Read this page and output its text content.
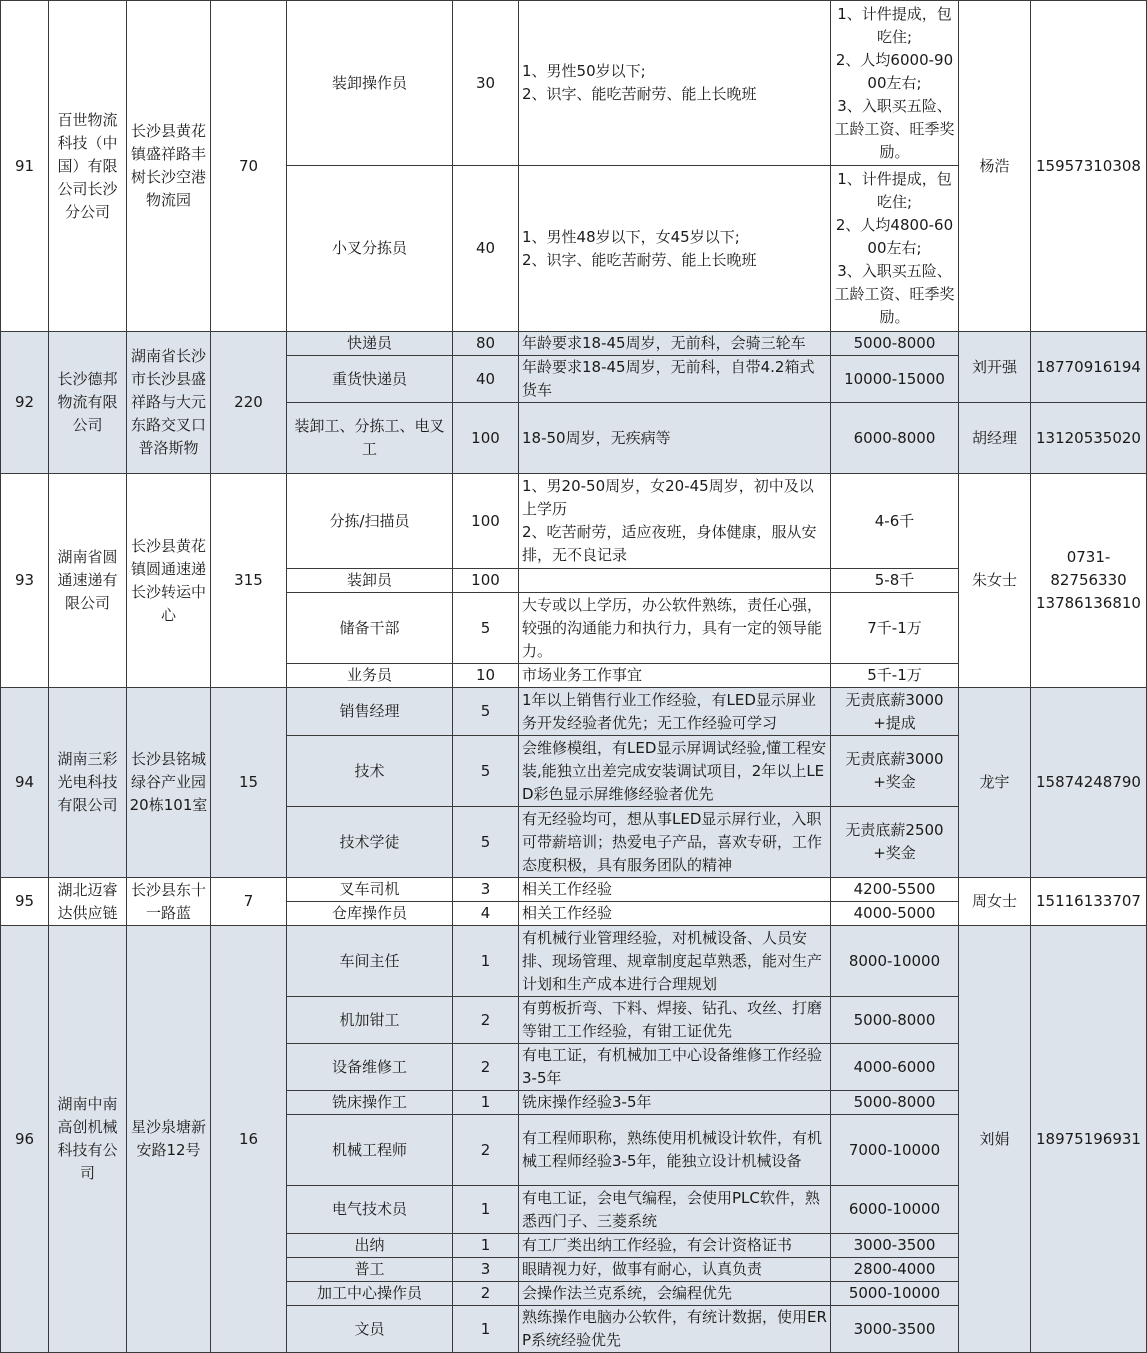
91	百世物流科技（中国）有限公司长沙分公司	长沙县黄花镇盛祥路丰树长沙空港物流园	70	装卸操作员	30	1、男性50岁以下;
2、识字、能吃苦耐劳、能上长晚班	1、计件提成，包吃住;
2、人均6000-9000左右;
3、入职买五险、工龄工资、旺季奖励。	杨浩	15957310308
				小叉分拣员	40	1、男性48岁以下，女45岁以下;
2、识字、能吃苦耐劳、能上长晚班	1、计件提成，包吃住;
2、人均4800-6000左右;
3、入职买五险、工龄工资、旺季奖励。		
92	长沙德邦物流有限公司	湖南省长沙市长沙县盛祥路与大元东路交叉口普洛斯物	220	快递员	80	年龄要求18-45周岁，无前科，会骑三轮车	5000-8000	刘开强	18770916194
				重货快递员	40	年龄要求18-45周岁，无前科，自带4.2箱式货车	10000-15000		
				装卸工、分拣工、电叉工	100	18-50周岁，无疾病等	6000-8000	胡经理	13120535020
93	湖南省圆通速递有限公司	长沙县黄花镇圆通速递长沙转运中心	315	分拣/扫描员	100	1、男20-50周岁，女20-45周岁，初中及以上学历
2、吃苦耐劳，适应夜班，身体健康，服从安排，无不良记录	4-6千	朱女士	0731-
82756330
13786136810
				装卸员	100		5-8千		
				储备干部	5	大专或以上学历，办公软件熟练，责任心强，较强的沟通能力和执行力，具有一定的领导能力。	7千-1万		
				业务员	10	市场业务工作事宜	5千-1万		
94	湖南三彩光电科技有限公司	长沙县铭城绿谷产业园20栋101室	15	销售经理	5	1年以上销售行业工作经验，有LED显示屏业务开发经验者优先；无工作经验可学习	无责底薪3000+提成	龙宇	15874248790
				技术	5	会维修模组，有LED显示屏调试经验,懂工程安装,能独立出差完成安装调试项目，2年以上LED彩色显示屏维修经验者优先	无责底薪3000+奖金		
				技术学徒	5	有无经验均可，想从事LED显示屏行业，入职可带薪培训；热爱电子产品，喜欢专研，工作态度积极，具有服务团队的精神	无责底薪2500+奖金		
95	湖北迈睿达供应链	长沙县东十一路蓝	7	叉车司机	3	相关工作经验	4200-5500	周女士	15116133707
				仓库操作员	4	相关工作经验	4000-5000		
96	湖南中南高创机械科技有公司	星沙泉塘新安路12号	16	车间主任	1	有机械行业管理经验，对机械设备、人员安排、现场管理、规章制度起草熟悉，能对生产计划和生产成本进行合理规划	8000-10000	刘娟	18975196931
				机加钳工	2	有剪板折弯、下料、焊接、钻孔、攻丝、打磨等钳工工作经验，有钳工证优先	5000-8000		
				设备维修工	2	有电工证，有机械加工中心设备维修工作经验3-5年	4000-6000		
				铣床操作工	1	铣床操作经验3-5年	5000-8000		
				机械工程师	2	有工程师职称，熟练使用机械设计软件，有机械工程师经验3-5年，能独立设计机械设备	7000-10000		
				电气技术员	1	有电工证，会电气编程，会使用PLC软件，熟悉西门子、三菱系统	6000-10000		
				出纳	1	有工厂类出纳工作经验，有会计资格证书	3000-3500		
				普工	3	眼睛视力好，做事有耐心，认真负责	2800-4000		
				加工中心操作员	2	会操作法兰克系统，会编程优先	5000-10000		
				文员	1	熟练操作电脑办公软件，有统计数据，使用ERP系统经验优先	3000-3500		
